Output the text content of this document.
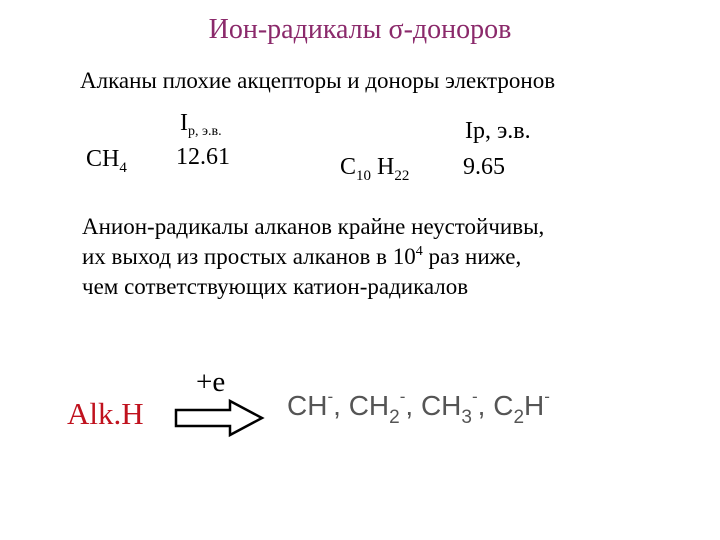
Ион-радикалы σ-доноров
Алканы плохие акцепторы и доноры электронов
$CH_4$
$I_{p, э.в.}$
12.61	$C_{10}$ $H_{22}$
Ip, э.в.
9.65
Анион-радикалы алканов крайне неустойчивы,
их выход из простых алканов в $10^4$ раз ниже,
чем сответствующих катион-радикалов
Alk.H
+e
CH-, $CH_2^-$, $CH_3^-$, $C_2H^-$
